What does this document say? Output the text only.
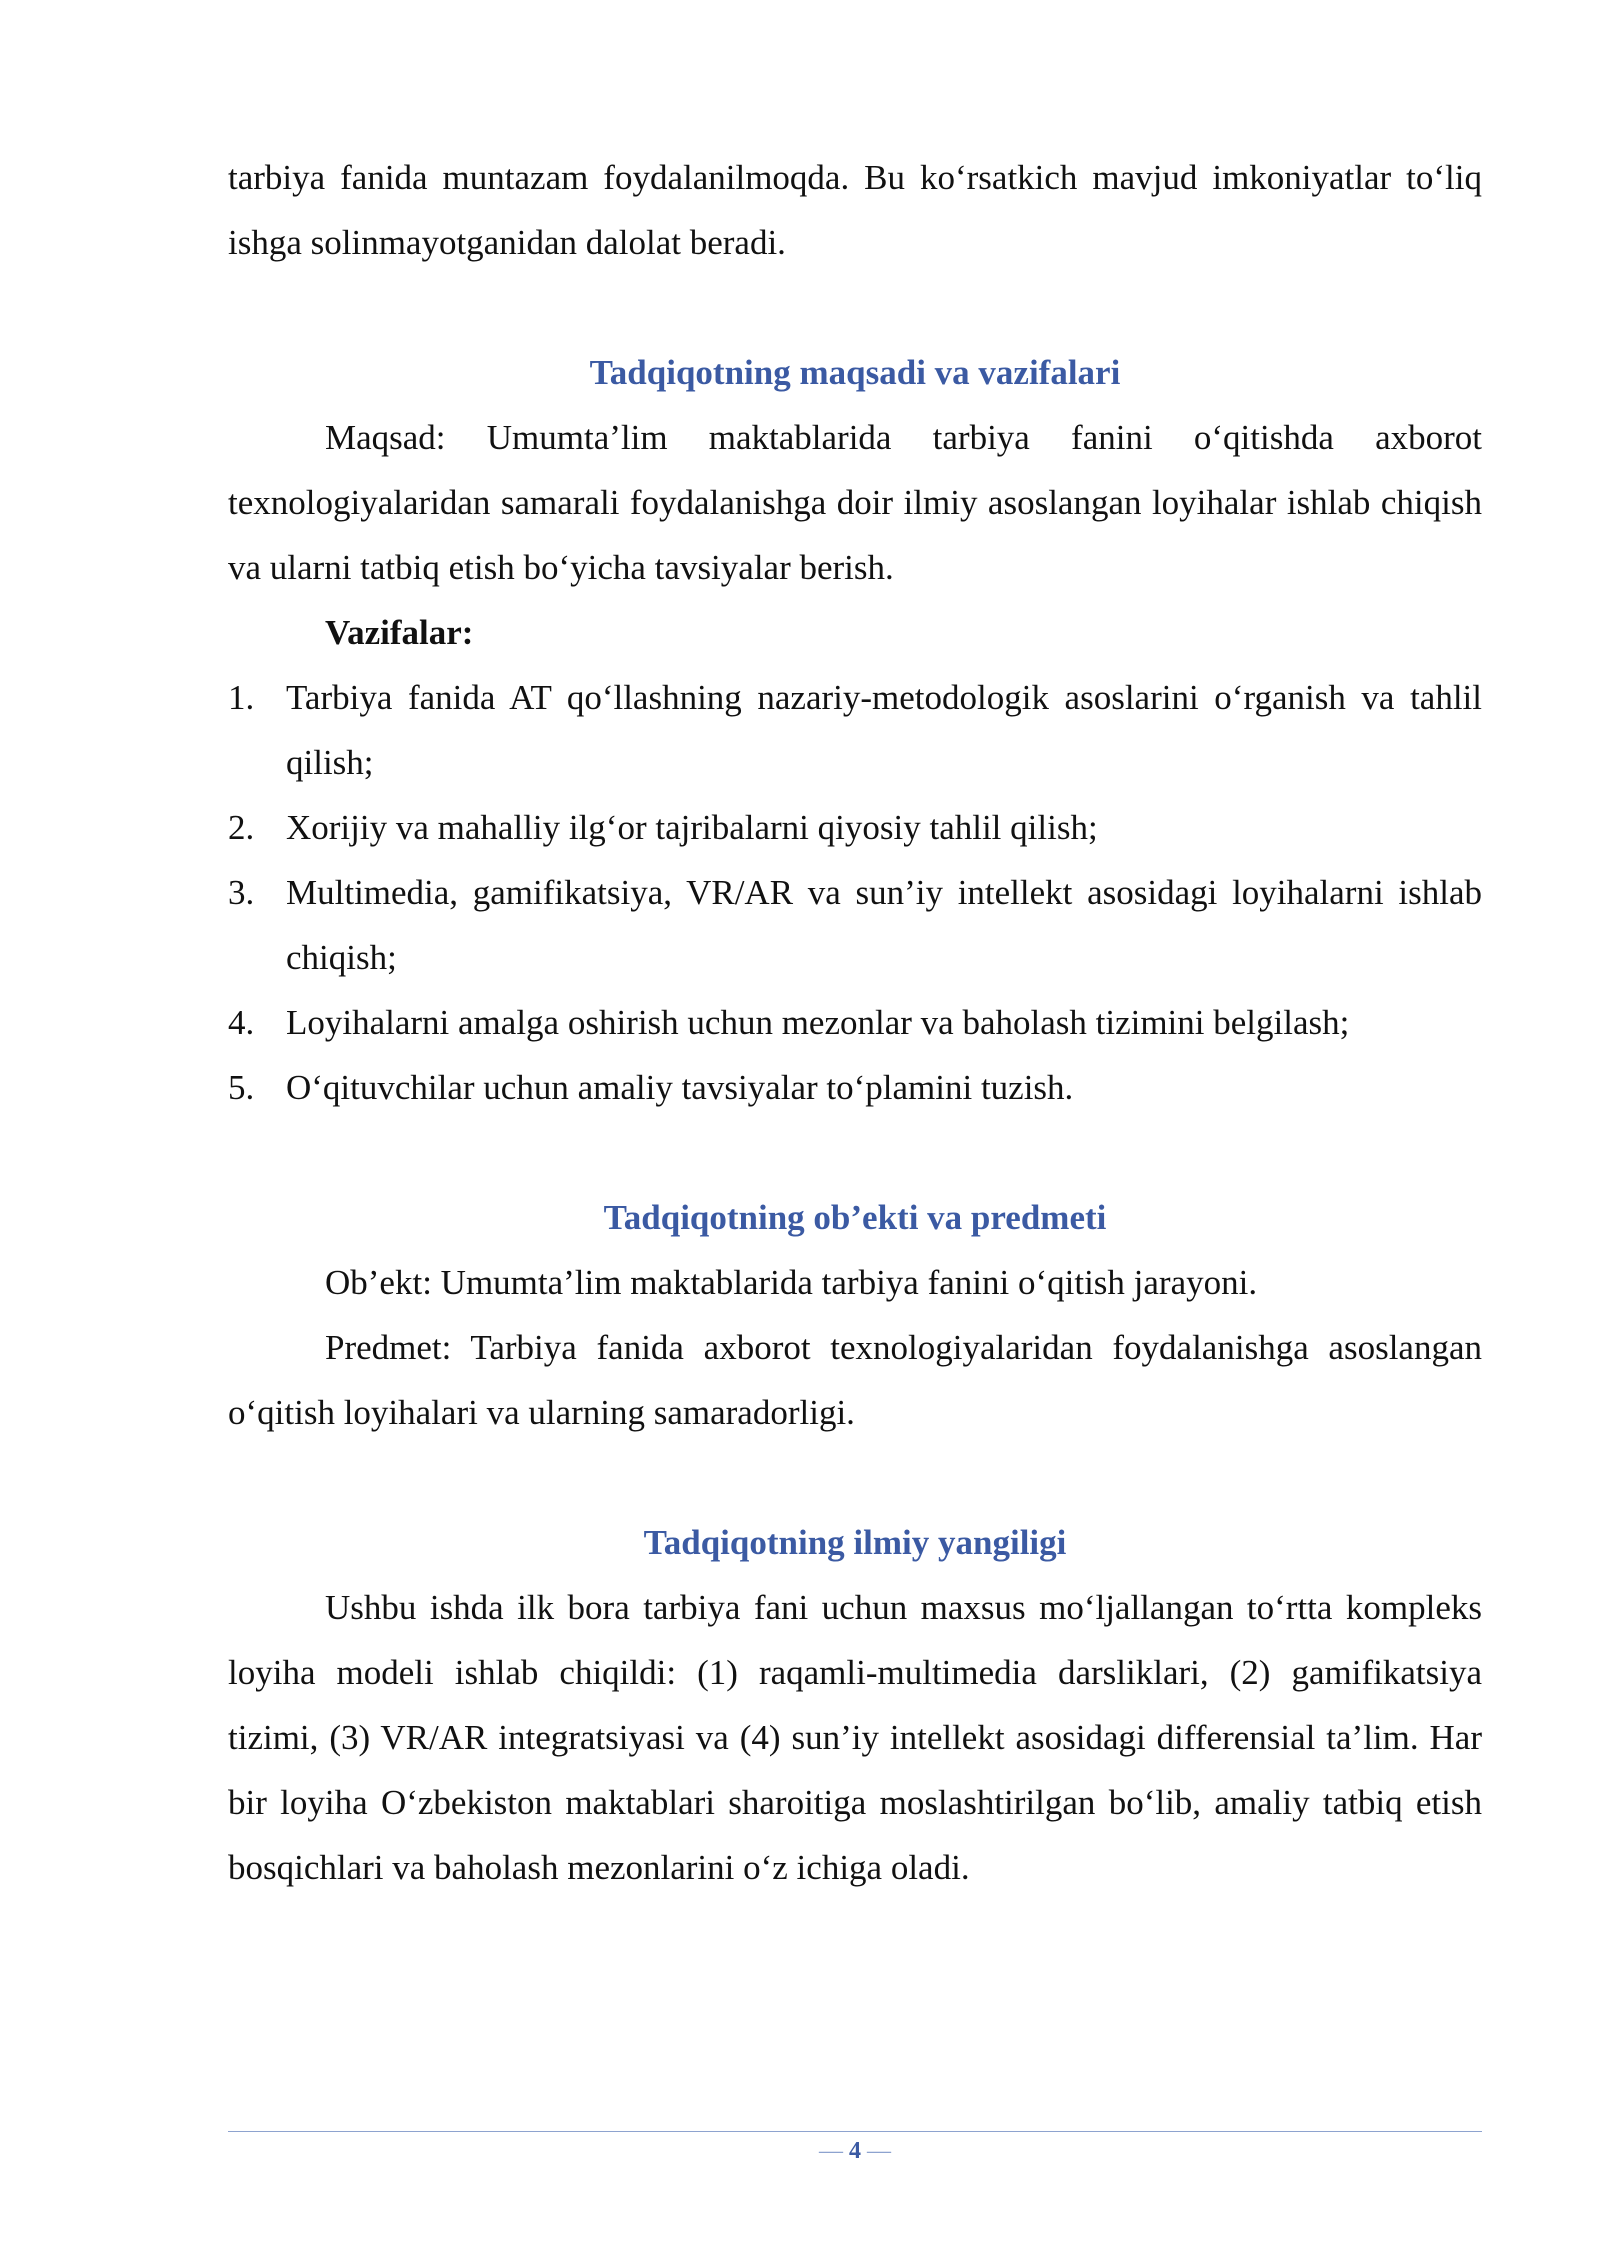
tarbiya fanida muntazam foydalanilmoqda. Bu ko‘rsatkich mavjud imkoniyatlar to‘liq ishga solinmayotganidan dalolat beradi.

Tadqiqotning maqsadi va vazifalari

Maqsad: Umumta’lim maktablarida tarbiya fanini o‘qitishda axborot texnologiyalaridan samarali foydalanishga doir ilmiy asoslangan loyihalar ishlab chiqish va ularni tatbiq etish bo‘yicha tavsiyalar berish.

Vazifalar:
1. Tarbiya fanida AT qo‘llashning nazariy-metodologik asoslarini o‘rganish va tahlil qilish;
2. Xorijiy va mahalliy ilg‘or tajribalarni qiyosiy tahlil qilish;
3. Multimedia, gamifikatsiya, VR/AR va sun’iy intellekt asosidagi loyihalarni ishlab chiqish;
4. Loyihalarni amalga oshirish uchun mezonlar va baholash tizimini belgilash;
5. O‘qituvchilar uchun amaliy tavsiyalar to‘plamini tuzish.
Tadqiqotning ob’ekti va predmeti

Ob’ekt: Umumta’lim maktablarida tarbiya fanini o‘qitish jarayoni.

Predmet: Tarbiya fanida axborot texnologiyalaridan foydalanishga asoslangan o‘qitish loyihalari va ularning samaradorligi.

Tadqiqotning ilmiy yangiligi

Ushbu ishda ilk bora tarbiya fani uchun maxsus mo‘ljallangan to‘rtta kompleks loyiha modeli ishlab chiqildi: (1) raqamli-multimedia darsliklari, (2) gamifikatsiya tizimi, (3) VR/AR integratsiyasi va (4) sun’iy intellekt asosidagi differensial ta’lim. Har bir loyiha O‘zbekiston maktablari sharoitiga moslashtirilgan bo‘lib, amaliy tatbiq etish bosqichlari va baholash mezonlarini o‘z ichiga oladi.

— 4 —
